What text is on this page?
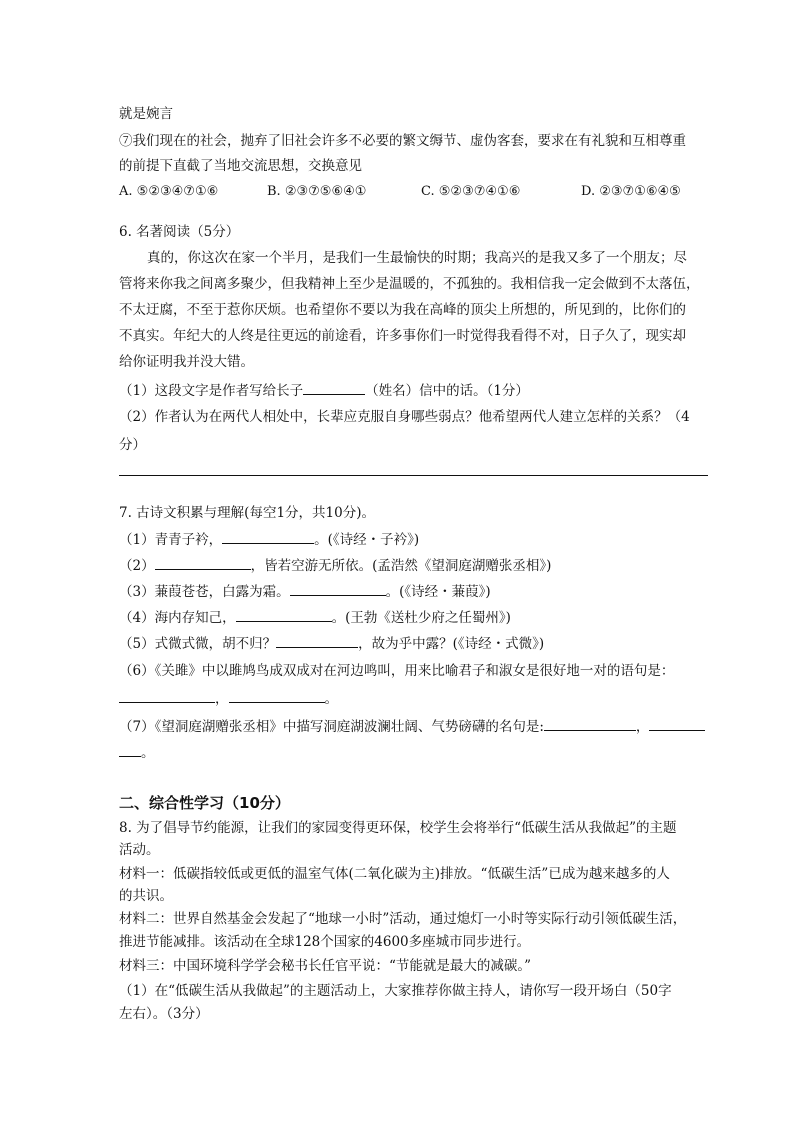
就是婉言
⑦我们现在的社会，抛弃了旧社会许多不必要的繁文缛节、虚伪客套，要求在有礼貌和互相尊重
的前提下直截了当地交流思想，交换意见
A. ⑤②③④⑦①⑥	B. ②③⑦⑤⑥④①	C. ⑤②③⑦④①⑥	D. ②③⑦①⑥④⑤
6. 名著阅读（5分）
真的，你这次在家一个半月，是我们一生最愉快的时期；我高兴的是我又多了一个朋友；尽
管将来你我之间离多聚少，但我精神上至少是温暖的，不孤独的。我相信我一定会做到不太落伍，
不太迂腐，不至于惹你厌烦。也希望你不要以为我在高峰的顶尖上所想的，所见到的，比你们的
不真实。年纪大的人终是往更远的前途看，许多事你们一时觉得我看得不对，日子久了，现实却
给你证明我并没大错。
（1）这段文字是作者写给长子	（姓名）信中的话。（1分）
（2）作者认为在两代人相处中，长辈应克服自身哪些弱点？他希望两代人建立怎样的关系？（4
分）
7. 古诗文积累与理解(每空1分，共10分)。
（1）青青子衿，	。(《诗经・子衿》)
（2）	，皆若空游无所依。(孟浩然《望洞庭湖赠张丞相》)
（3）蒹葭苍苍，白露为霜。	。(《诗经・蒹葭》)
（4）海内存知己，	。(王勃《送杜少府之任蜀州》)
（5）式微式微，胡不归？	，故为乎中露？(《诗经・式微》)
（6）《关雎》中以雎鸠鸟成双成对在河边鸣叫，用来比喻君子和淑女是很好地一对的语句是：
，	。
（7）《望洞庭湖赠张丞相》中描写洞庭湖波澜壮阔、气势磅礴的名句是:	，
。
二、综合性学习（10分）
8. 为了倡导节约能源，让我们的家园变得更环保，校学生会将举行“低碳生活从我做起”的主题
活动。
材料一：低碳指较低或更低的温室气体(二氧化碳为主)排放。“低碳生活”已成为越来越多的人
的共识。
材料二：世界自然基金会发起了“地球一小时”活动，通过熄灯一小时等实际行动引领低碳生活，
推进节能减排。该活动在全球128个国家的4600多座城市同步进行。
材料三：中国环境科学学会秘书长任官平说：“节能就是最大的减碳。”
（1）在“低碳生活从我做起”的主题活动上，大家推荐你做主持人，请你写一段开场白（50字
左右）。（3分）
